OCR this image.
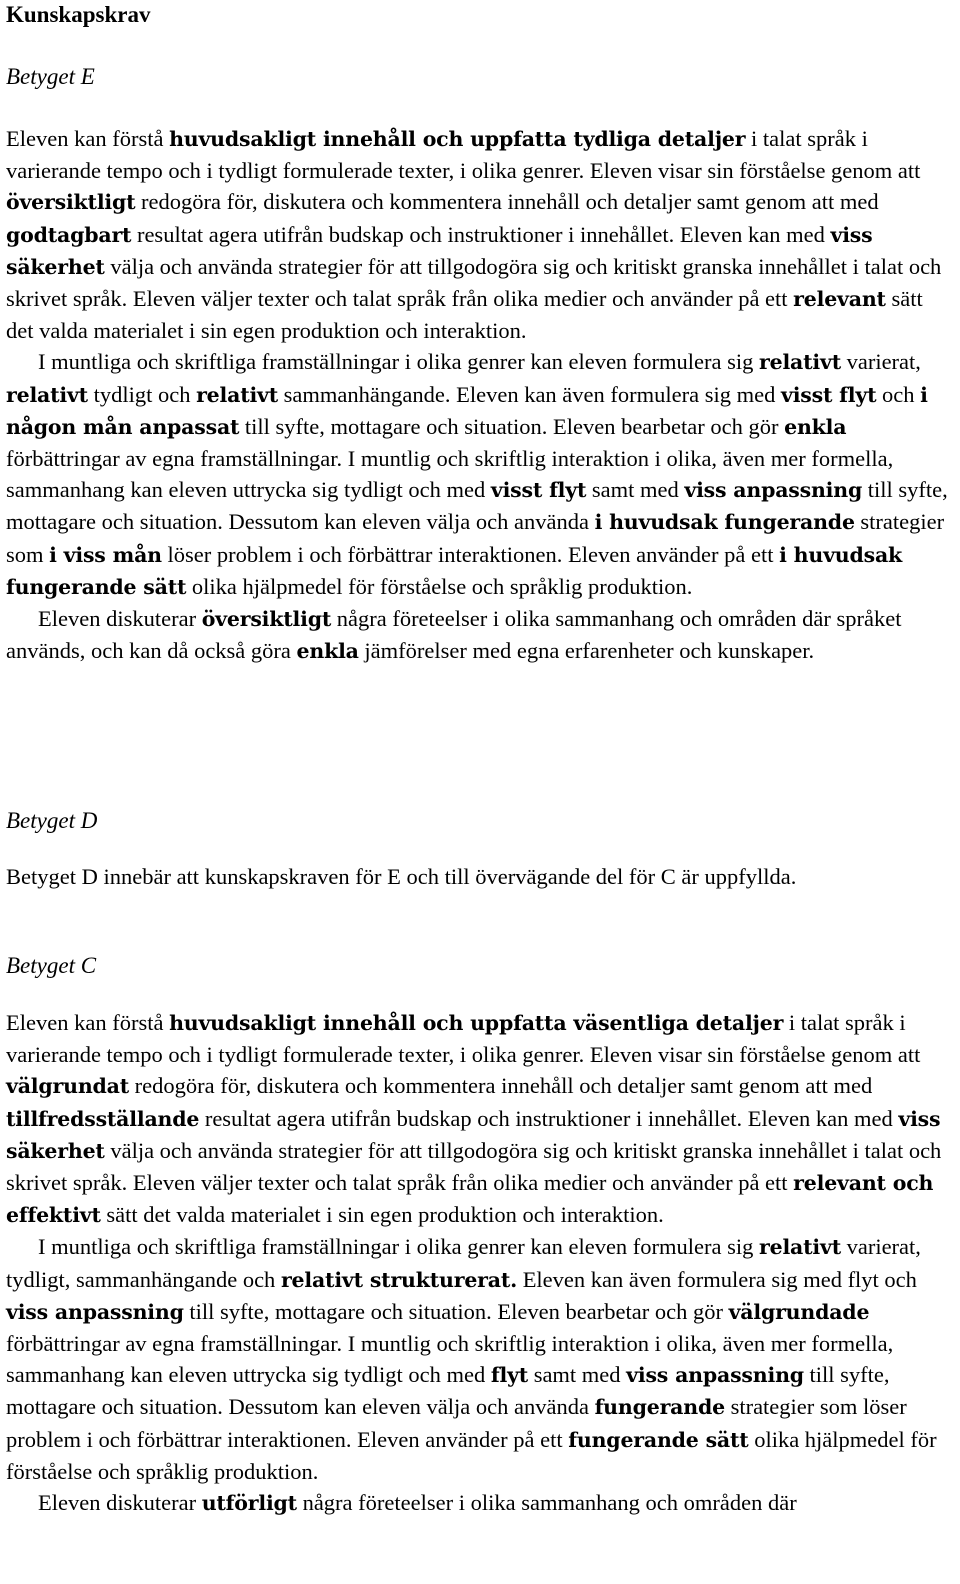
Kunskapskrav
Betyget E

Eleven kan förstå huvudsakligt innehåll och uppfatta tydliga detaljer i talat språk i varierande tempo och i tydligt formulerade texter, i olika genrer. Eleven visar sin förståelse genom att översiktligt redogöra för, diskutera och kommentera innehåll och detaljer samt genom att med godtagbart resultat agera utifrån budskap och instruktioner i innehållet. Eleven kan med viss säkerhet välja och använda strategier för att tillgodogöra sig och kritiskt granska innehållet i talat och skrivet språk. Eleven väljer texter och talat språk från olika medier och använder på ett relevant sätt det valda materialet i sin egen produktion och interaktion.

I muntliga och skriftliga framställningar i olika genrer kan eleven formulera sig relativt varierat, relativt tydligt och relativt sammanhängande. Eleven kan även formulera sig med visst flyt och i någon mån anpassat till syfte, mottagare och situation. Eleven bearbetar och gör enkla förbättringar av egna framställningar. I muntlig och skriftlig interaktion i olika, även mer formella, sammanhang kan eleven uttrycka sig tydligt och med visst flyt samt med viss anpassning till syfte, mottagare och situation. Dessutom kan eleven välja och använda i huvudsak fungerande strategier som i viss mån löser problem i och förbättrar interaktionen. Eleven använder på ett i huvudsak fungerande sätt olika hjälpmedel för förståelse och språklig produktion.

Eleven diskuterar översiktligt några företeelser i olika sammanhang och områden där språket används, och kan då också göra enkla jämförelser med egna erfarenheter och kunskaper.

Betyget D

Betyget D innebär att kunskapskraven för E och till övervägande del för C är uppfyllda.

Betyget C

Eleven kan förstå huvudsakligt innehåll och uppfatta väsentliga detaljer i talat språk i varierande tempo och i tydligt formulerade texter, i olika genrer. Eleven visar sin förståelse genom att välgrundat redogöra för, diskutera och kommentera innehåll och detaljer samt genom att med tillfredsställande resultat agera utifrån budskap och instruktioner i innehållet. Eleven kan med viss säkerhet välja och använda strategier för att tillgodogöra sig och kritiskt granska innehållet i talat och skrivet språk. Eleven väljer texter och talat språk från olika medier och använder på ett relevant och effektivt sätt det valda materialet i sin egen produktion och interaktion.

I muntliga och skriftliga framställningar i olika genrer kan eleven formulera sig relativt varierat, tydligt, sammanhängande och relativt strukturerat. Eleven kan även formulera sig med flyt och viss anpassning till syfte, mottagare och situation. Eleven bearbetar och gör välgrundade förbättringar av egna framställningar. I muntlig och skriftlig interaktion i olika, även mer formella, sammanhang kan eleven uttrycka sig tydligt och med flyt samt med viss anpassning till syfte, mottagare och situation. Dessutom kan eleven välja och använda fungerande strategier som löser problem i och förbättrar interaktionen. Eleven använder på ett fungerande sätt olika hjälpmedel för förståelse och språklig produktion.

Eleven diskuterar utförligt några företeelser i olika sammanhang och områden där
